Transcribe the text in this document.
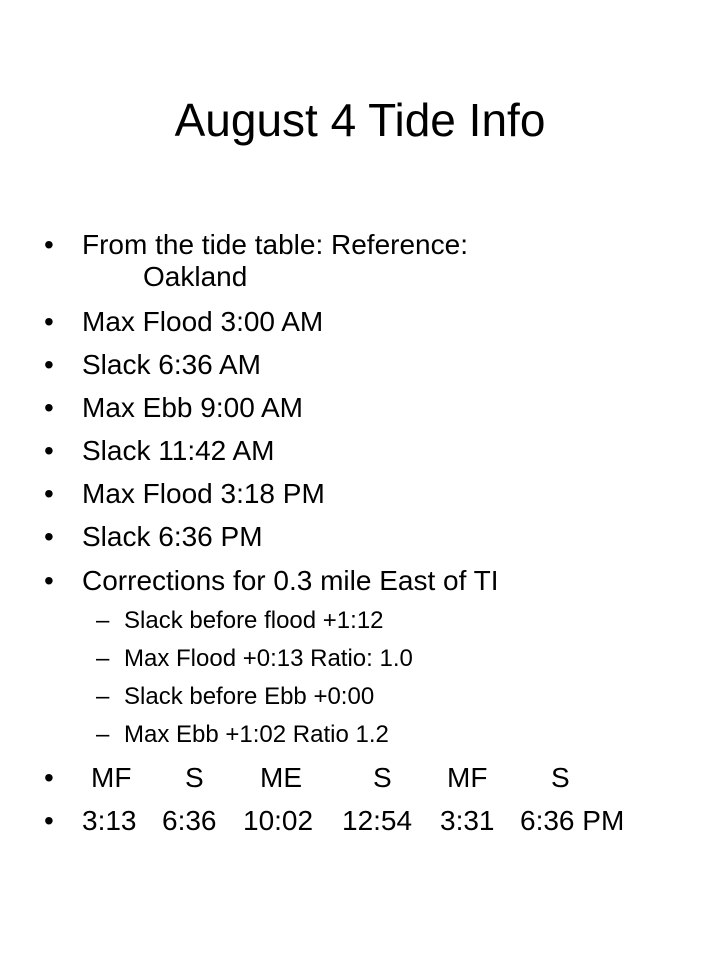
August 4 Tide Info
• From the tide table: Reference:
Oakland
• Max Flood 3:00 AM
• Slack 6:36 AM
• Max Ebb 9:00 AM
• Slack 11:42 AM
• Max Flood 3:18 PM
• Slack 6:36 PM
• Corrections for 0.3 mile East of TI
– Slack before flood +1:12
– Max Flood +0:13 Ratio: 1.0
– Slack before Ebb +0:00
– Max Ebb +1:02 Ratio 1.2
• MF S ME	S MF S
• 3:13 6:36 10:02 12:54 3:31 6:36 PM
